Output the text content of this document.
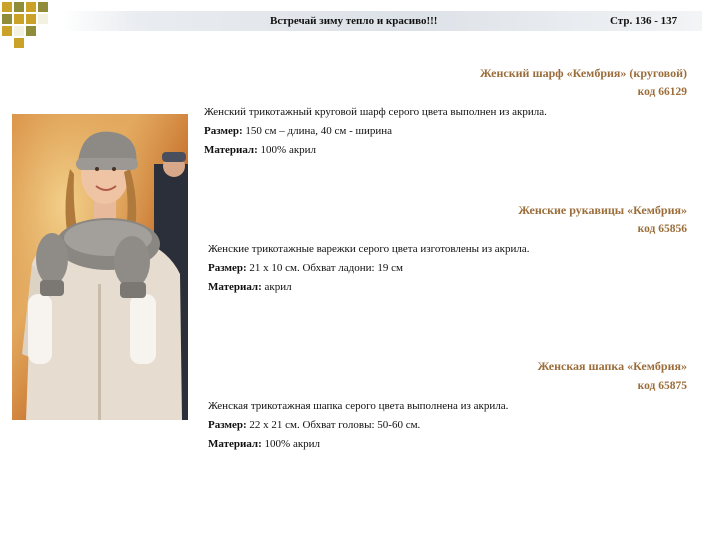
Встречай зиму тепло и красиво!!!	Стр. 136 - 137
Женский шарф «Кембрия» (круговой)
код 66129
Женский трикотажный круговой шарф серого цвета выполнен из акрила.
Размер: 150 см – длина, 40 см - ширина
Материал: 100% акрил
Женские рукавицы «Кембрия»
код 65856
Женские трикотажные варежки серого цвета изготовлены из акрила.
Размер: 21 х 10 см. Обхват ладони: 19 см
Материал: акрил
Женская шапка «Кембрия»
код 65875
Женская трикотажная шапка серого цвета выполнена из акрила.
Размер: 22 х 21 см. Обхват головы: 50-60 см.
Материал: 100% акрил
